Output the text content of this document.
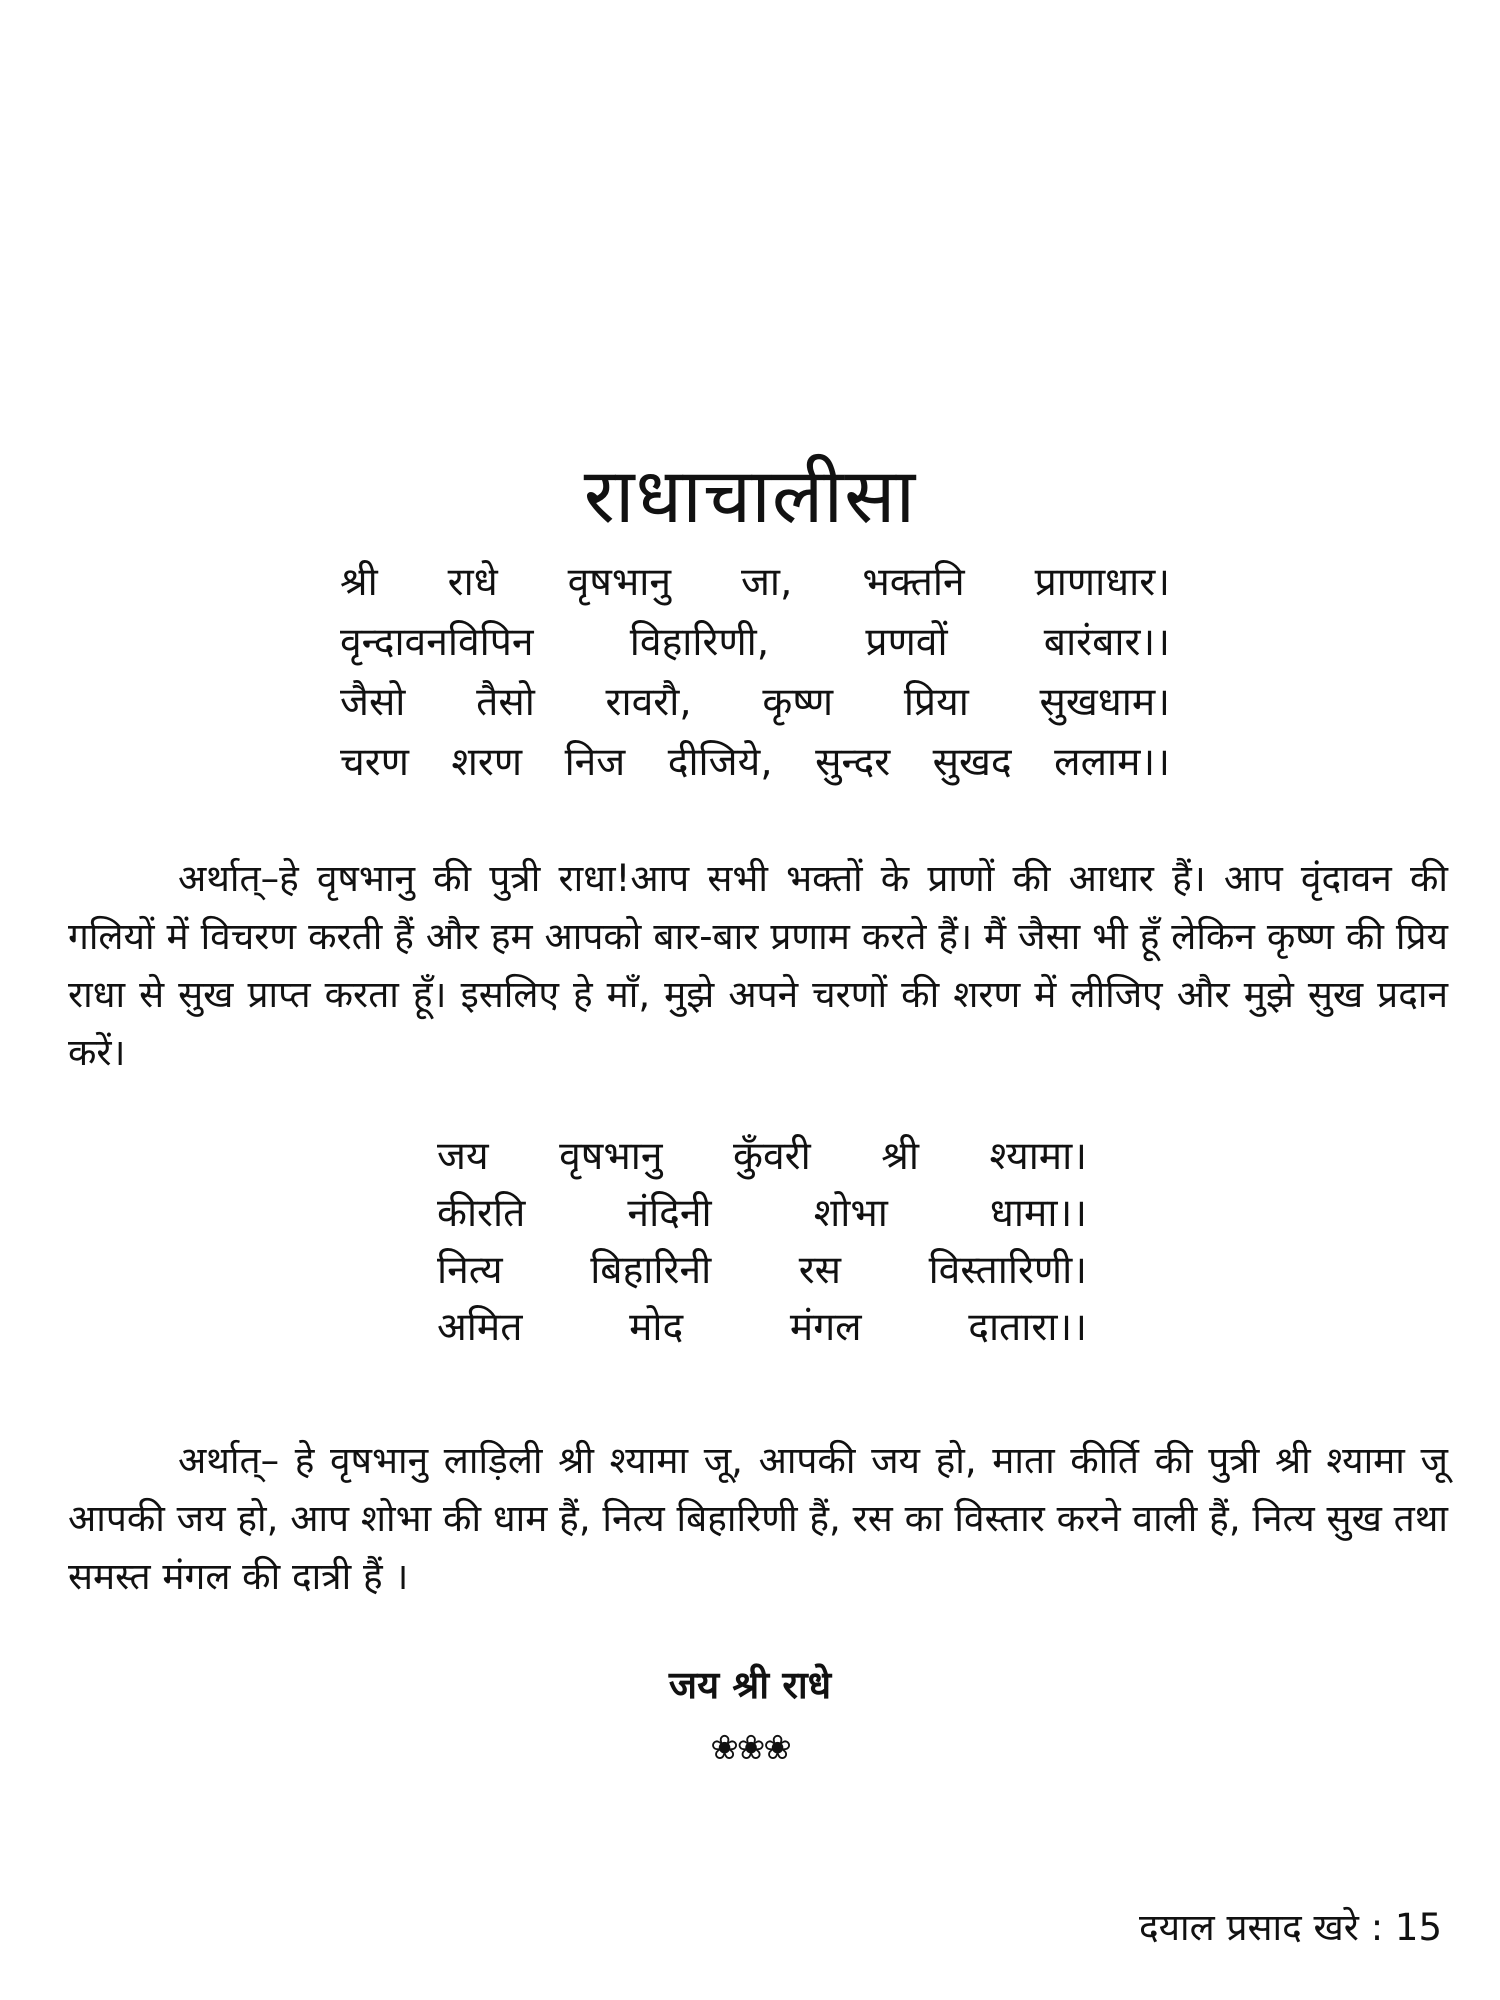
राधाचालीसा
श्री राधे वृषभानु जा, भक्तनि प्राणाधार।
वृन्दावनविपिन विहारिणी, प्रणवों बारंबार।।
जैसो तैसो रावरौ, कृष्ण प्रिया सुखधाम।
चरण शरण निज दीजिये, सुन्दर सुखद ललाम।।

अर्थात्–हे वृषभानु की पुत्री राधा!आप सभी भक्तों के प्राणों की आधार हैं। आप वृंदावन की गलियों में विचरण करती हैं और हम आपको बार-बार प्रणाम करते हैं। मैं जैसा भी हूँ लेकिन कृष्ण की प्रिय राधा से सुख प्राप्त करता हूँ। इसलिए हे माँ, मुझे अपने चरणों की शरण में लीजिए और मुझे सुख प्रदान करें।

जय वृषभानु कुँवरी श्री श्यामा।
कीरति नंदिनी शोभा धामा।।
नित्य बिहारिनी रस विस्तारिणी।
अमित मोद मंगल दातारा।।

अर्थात्– हे वृषभानु लाड़िली श्री श्यामा जू, आपकी जय हो, माता कीर्ति की पुत्री श्री श्यामा जू आपकी जय हो, आप शोभा की धाम हैं, नित्य बिहारिणी हैं, रस का विस्तार करने वाली हैं, नित्य सुख तथा समस्त मंगल की दात्री हैं ।

जय श्री राधे
❀❀❀
दयाल प्रसाद खरे : 15
